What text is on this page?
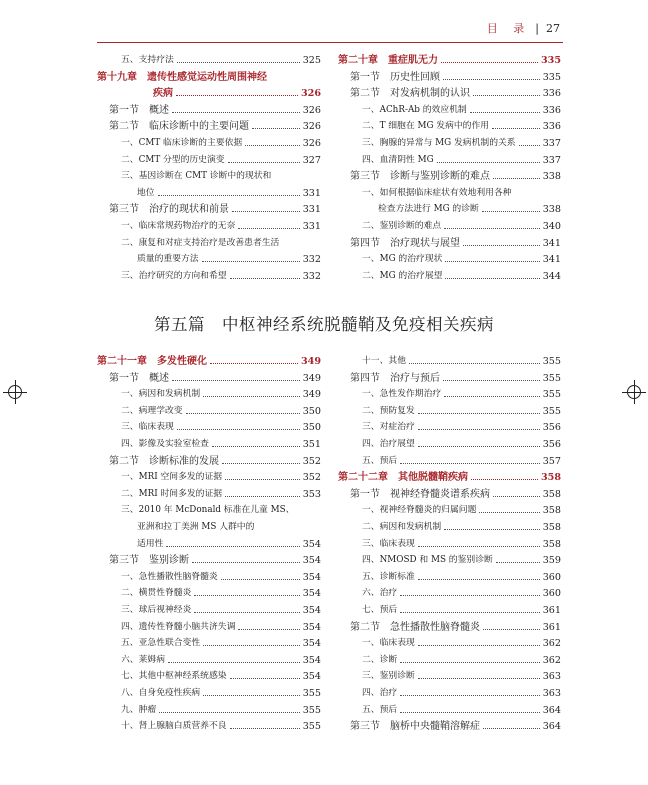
目 录 | 27
五、支持疗法	325
第十九章　遗传性感觉运动性周围神经
疾病	326
第一节　概述	326
第二节　临床诊断中的主要问题	326
一、CMT 临床诊断的主要依据	326
二、CMT 分型的历史演变	327
三、基因诊断在 CMT 诊断中的现状和
地位	331
第三节　治疗的现状和前景	331
一、临床常规药物治疗的无奈	331
二、康复和对症支持治疗是改善患者生活
质量的重要方法	332
三、治疗研究的方向和希望	332
第二十章　重症肌无力	335
第一节　历史性回顾	335
第二节　对发病机制的认识	336
一、AChR-Ab 的效应机制	336
二、T 细胞在 MG 发病中的作用	336
三、胸腺的异常与 MG 发病机制的关系	337
四、血清阴性 MG	337
第三节　诊断与鉴别诊断的难点	338
一、如何根据临床症状有效地利用各种
检查方法进行 MG 的诊断	338
二、鉴别诊断的难点	340
第四节　治疗现状与展望	341
一、MG 的治疗现状	341
二、MG 的治疗展望	344
第五篇　中枢神经系统脱髓鞘及免疫相关疾病
第二十一章　多发性硬化	349
第一节　概述	349
一、病因和发病机制	349
二、病理学改变	350
三、临床表现	350
四、影像及实验室检查	351
第二节　诊断标准的发展	352
一、MRI 空间多发的证据	352
二、MRI 时间多发的证据	353
三、2010 年 McDonald 标准在儿童 MS、
亚洲和拉丁美洲 MS 人群中的
适用性	354
第三节　鉴别诊断	354
一、急性播散性脑脊髓炎	354
二、横贯性脊髓炎	354
三、球后视神经炎	354
四、遗传性脊髓小脑共济失调	354
五、亚急性联合变性	354
六、莱姆病	354
七、其他中枢神经系统感染	354
八、自身免疫性疾病	355
九、肿瘤	355
十、肾上腺脑白质营养不良	355
十一、其他	355
第四节　治疗与预后	355
一、急性发作期治疗	355
二、预防复发	355
三、对症治疗	356
四、治疗展望	356
五、预后	357
第二十二章　其他脱髓鞘疾病	358
第一节　视神经脊髓炎谱系疾病	358
一、视神经脊髓炎的归属问题	358
二、病因和发病机制	358
三、临床表现	358
四、NMOSD 和 MS 的鉴别诊断	359
五、诊断标准	360
六、治疗	360
七、预后	361
第二节　急性播散性脑脊髓炎	361
一、临床表现	362
二、诊断	362
三、鉴别诊断	363
四、治疗	363
五、预后	364
第三节　脑桥中央髓鞘溶解症	364
